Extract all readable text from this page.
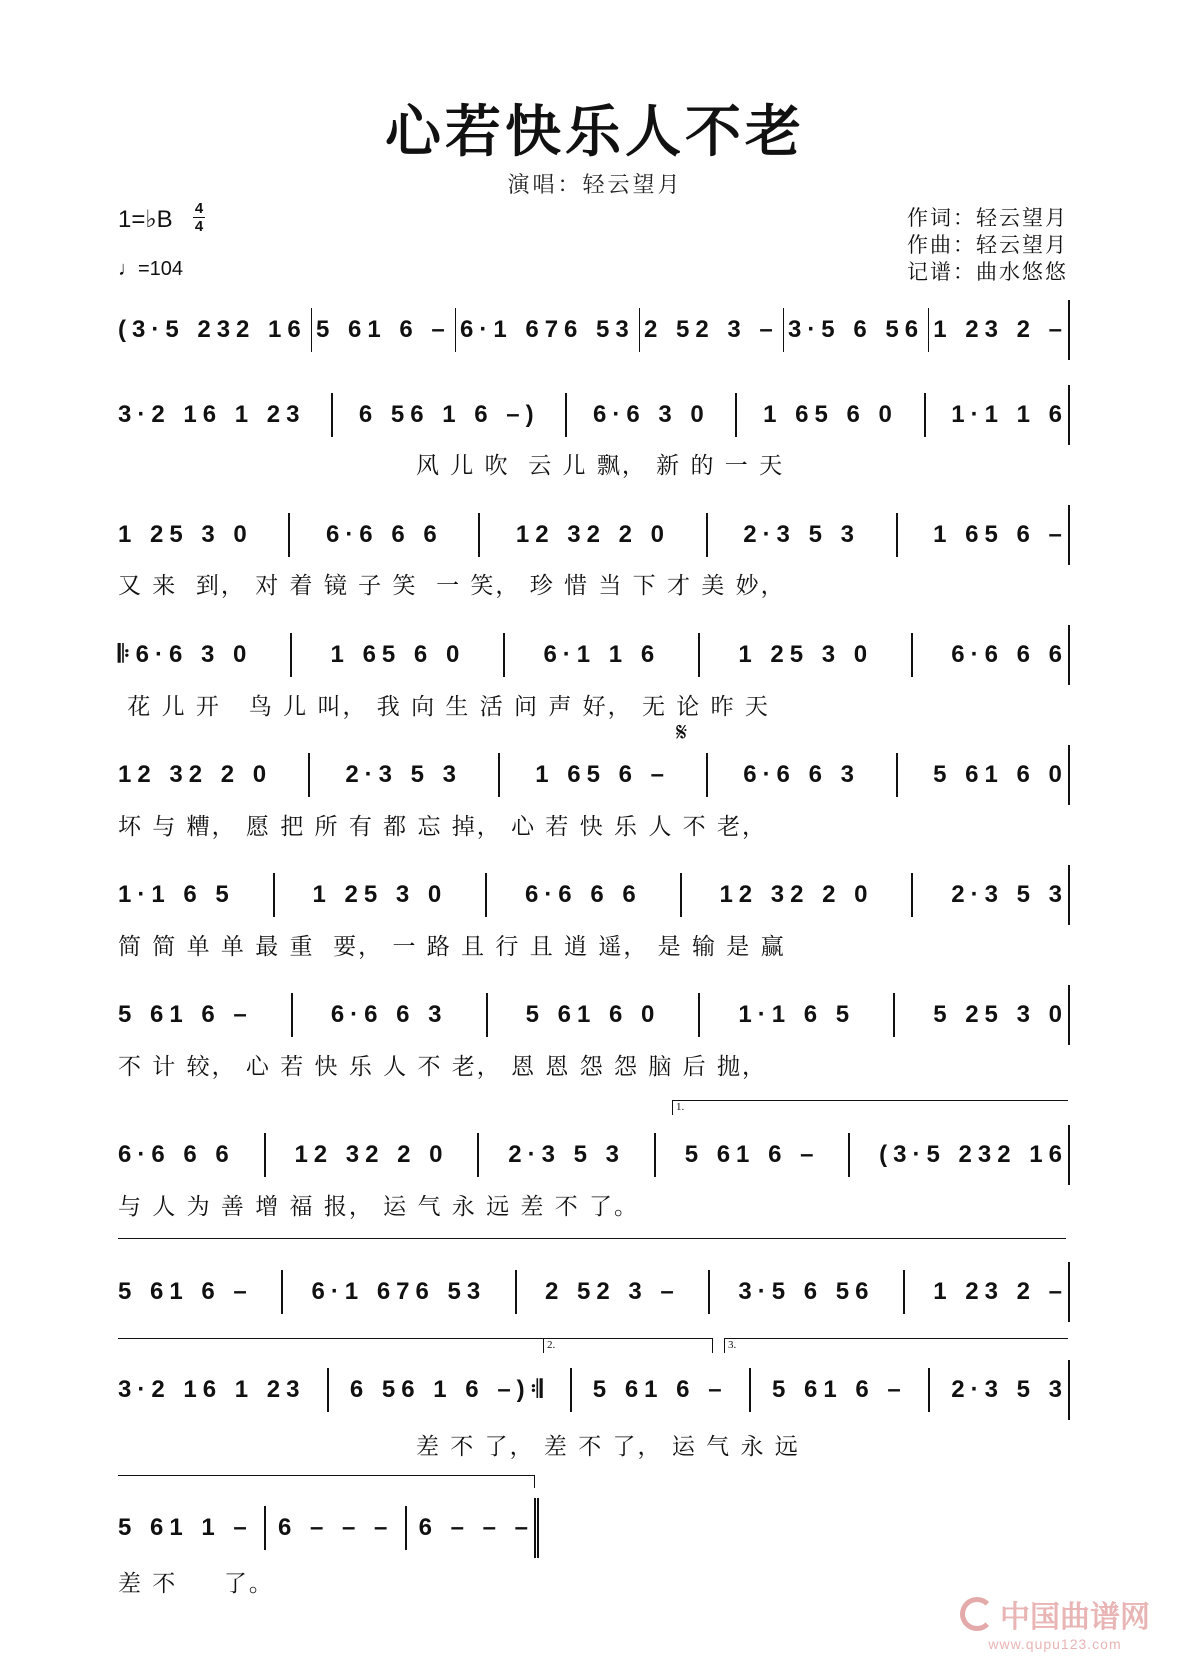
心若快乐人不老
演唱：轻云望月
1=♭B 4
4
♩=104
作词：轻云望月
作曲：轻云望月
记谱：曲水悠悠
(3·5 232 16 5 61 6 – 6·1 676 53 2 52 3 – 3·5 6 56 1 23 2 –
3·2 16 1 23 6 56 1 6 –) 6·6 3 0 1 65 6 0 1·1 1 6
风 儿 吹  云 儿 飘， 新 的 一 天
1 25 3 0	6·6 6 6	12 32 2 0	2·3 5 3	1 65 6 –
又 来  到， 对 着 镜 子 笑  一 笑， 珍 惜 当 下 才 美 妙，
𝄆6·6 3 0	1 65 6 0	6·1 1 6	1 25 3 0	6·6 6 6
花 儿 开   鸟 儿 叫， 我 向 生 活 问 声 好， 无 论 昨 天
𝄋
12 32 2 0	2·3 5 3	1 65 6 –	6·6 6 3	5 61 6 0
坏 与 糟， 愿 把 所 有 都 忘 掉， 心 若 快 乐 人 不 老，
1·1 6 5	1 25 3 0	6·6 6 6	12 32 2 0	2·3 5 3
简 简 单 单 最 重  要， 一 路 且 行 且 逍 遥， 是 输 是 赢
5 61 6 –	6·6 6 3	5 61 6 0	1·1 6 5	5 25 3 0
不 计 较， 心 若 快 乐 人 不 老， 恩 恩 怨 怨 脑 后 抛，
1.
6·6 6 6 12 32 2 0 2·3 5 3 5 61 6 – (3·5 232 16
与 人 为 善 增 福 报， 运 气 永 远 差 不 了。
5 61 6 – 6·1 676 53 2 52 3 – 3·5 6 56 1 23 2 –
2.	3.
3·2 16 1 23 6 56 1 6 –)𝄇 5 61 6 – 5 61 6 – 2·3 5 3
差 不 了， 差 不 了， 运 气 永 远
5 61 1 – 6 – – – 6 – – –
差 不     了。
中国曲谱网
www.qupu123.com
